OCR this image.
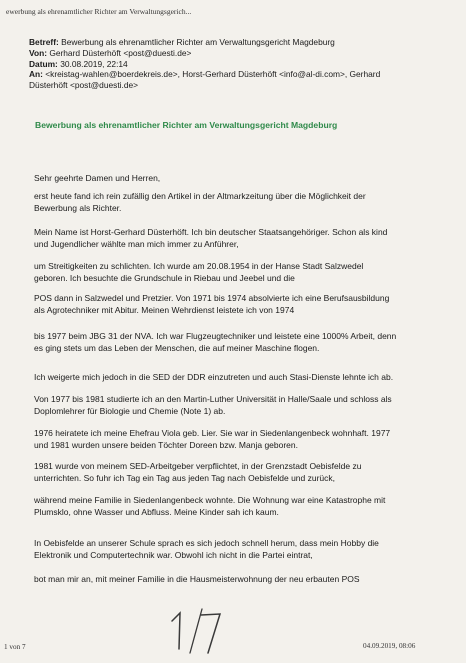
ewerbung als ehrenamtlicher Richter am Verwaltungsgerich...
Betreff: Bewerbung als ehrenamtlicher Richter am Verwaltungsgericht Magdeburg
Von: Gerhard Düsterhöft <post@duesti.de>
Datum: 30.08.2019, 22:14
An: <kreistag-wahlen@boerdekreis.de>, Horst-Gerhard Düsterhöft <info@al-di.com>, Gerhard
Düsterhöft <post@duesti.de>
Bewerbung als ehrenamtlicher Richter am Verwaltungsgericht Magdeburg
Sehr geehrte Damen und Herren,
erst heute fand ich rein zufällig den Artikel in der Altmarkzeitung über die Möglichkeit der
Bewerbung als Richter.
Mein Name ist Horst-Gerhard Düsterhöft. Ich bin deutscher Staatsangehöriger. Schon als kind
und Jugendlicher wählte man mich immer zu Anführer,
um Streitigkeiten zu schlichten. Ich wurde am 20.08.1954 in der Hanse Stadt Salzwedel
geboren. Ich besuchte die Grundschule in Riebau und Jeebel und die
POS dann in Salzwedel und Pretzier. Von 1971 bis 1974 absolvierte ich eine Berufsausbildung
als Agrotechniker mit Abitur. Meinen Wehrdienst leistete ich von 1974
bis 1977 beim JBG 31 der NVA. Ich war Flugzeugtechniker und leistete eine 1000% Arbeit, denn
es ging stets um das Leben der Menschen, die auf meiner Maschine flogen.
Ich weigerte mich jedoch in die SED der DDR einzutreten und auch Stasi-Dienste lehnte ich ab.
Von 1977 bis 1981 studierte ich an den Martin-Luther Universität in Halle/Saale und schloss als
Doplomlehrer für Biologie und Chemie (Note 1) ab.
1976 heiratete ich meine Ehefrau Viola geb. Lier. Sie war in Siedenlangenbeck wohnhaft. 1977
und 1981 wurden unsere beiden Töchter Doreen bzw. Manja geboren.
1981 wurde von meinem SED-Arbeitgeber verpflichtet, in der Grenzstadt Oebisfelde zu
unterrichten. So fuhr ich Tag ein Tag aus jeden Tag nach Oebisfelde und zurück,
während meine Familie in Siedenlangenbeck wohnte. Die Wohnung war eine Katastrophe mit
Plumsklo, ohne Wasser und Abfluss. Meine Kinder sah ich kaum.
In Oebisfelde an unserer Schule sprach es sich jedoch schnell herum, dass mein Hobby die
Elektronik und Computertechnik war. Obwohl ich nicht in die Partei eintrat,
bot man mir an, mit meiner Familie in die Hausmeisterwohnung der neu erbauten POS
1 von 7	04.09.2019, 08:06
